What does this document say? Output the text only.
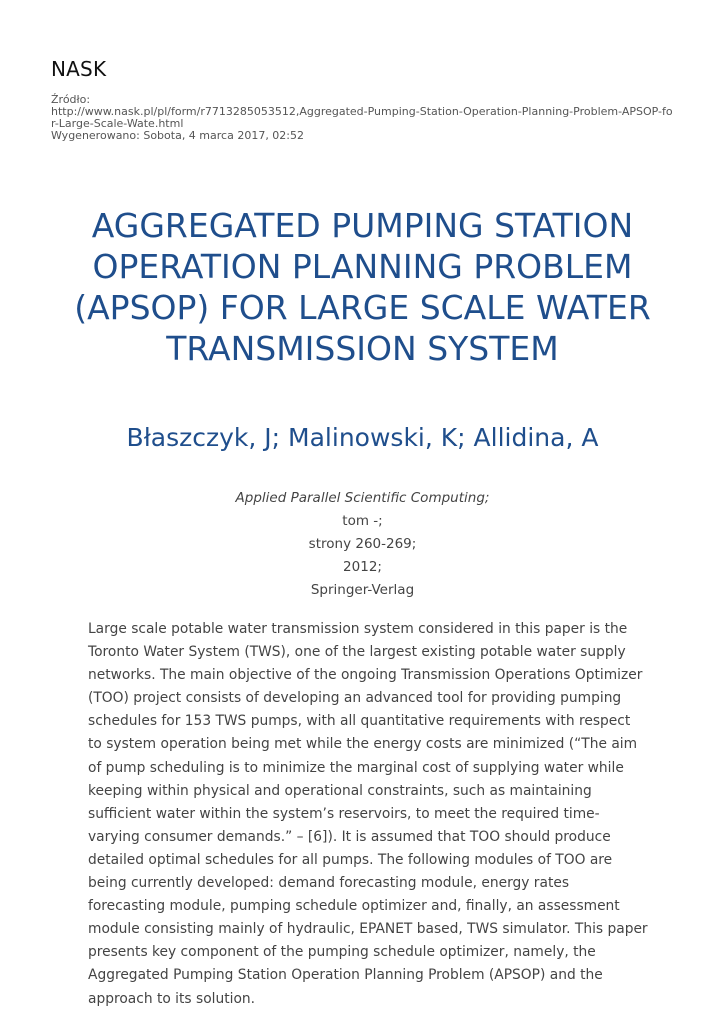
NASK
Źródło:
http://www.nask.pl/pl/form/r7713285053512,Aggregated-Pumping-Station-Operation-Planning-Problem-APSOP-for-Large-Scale-Wate.html
Wygenerowano: Sobota, 4 marca 2017, 02:52
AGGREGATED PUMPING STATION OPERATION PLANNING PROBLEM (APSOP) FOR LARGE SCALE WATER TRANSMISSION SYSTEM
Błaszczyk, J; Malinowski, K; Allidina, A
Applied Parallel Scientific Computing;
tom -;
strony 260-269;
2012;
Springer-Verlag

Large scale potable water transmission system considered in this paper is the Toronto Water System (TWS), one of the largest existing potable water supply networks. The main objective of the ongoing Transmission Operations Optimizer (TOO) project consists of developing an advanced tool for providing pumping schedules for 153 TWS pumps, with all quantitative requirements with respect to system operation being met while the energy costs are minimized (“The aim of pump scheduling is to minimize the marginal cost of supplying water while keeping within physical and operational constraints, such as maintaining sufficient water within the system’s reservoirs, to meet the required time-varying consumer demands.” – [6]). It is assumed that TOO should produce detailed optimal schedules for all pumps. The following modules of TOO are being currently developed: demand forecasting module, energy rates forecasting module, pumping schedule optimizer and, finally, an assessment module consisting mainly of hydraulic, EPANET based, TWS simulator. This paper presents key component of the pumping schedule optimizer, namely, the Aggregated Pumping Station Operation Planning Problem (APSOP) and the approach to its solution.
